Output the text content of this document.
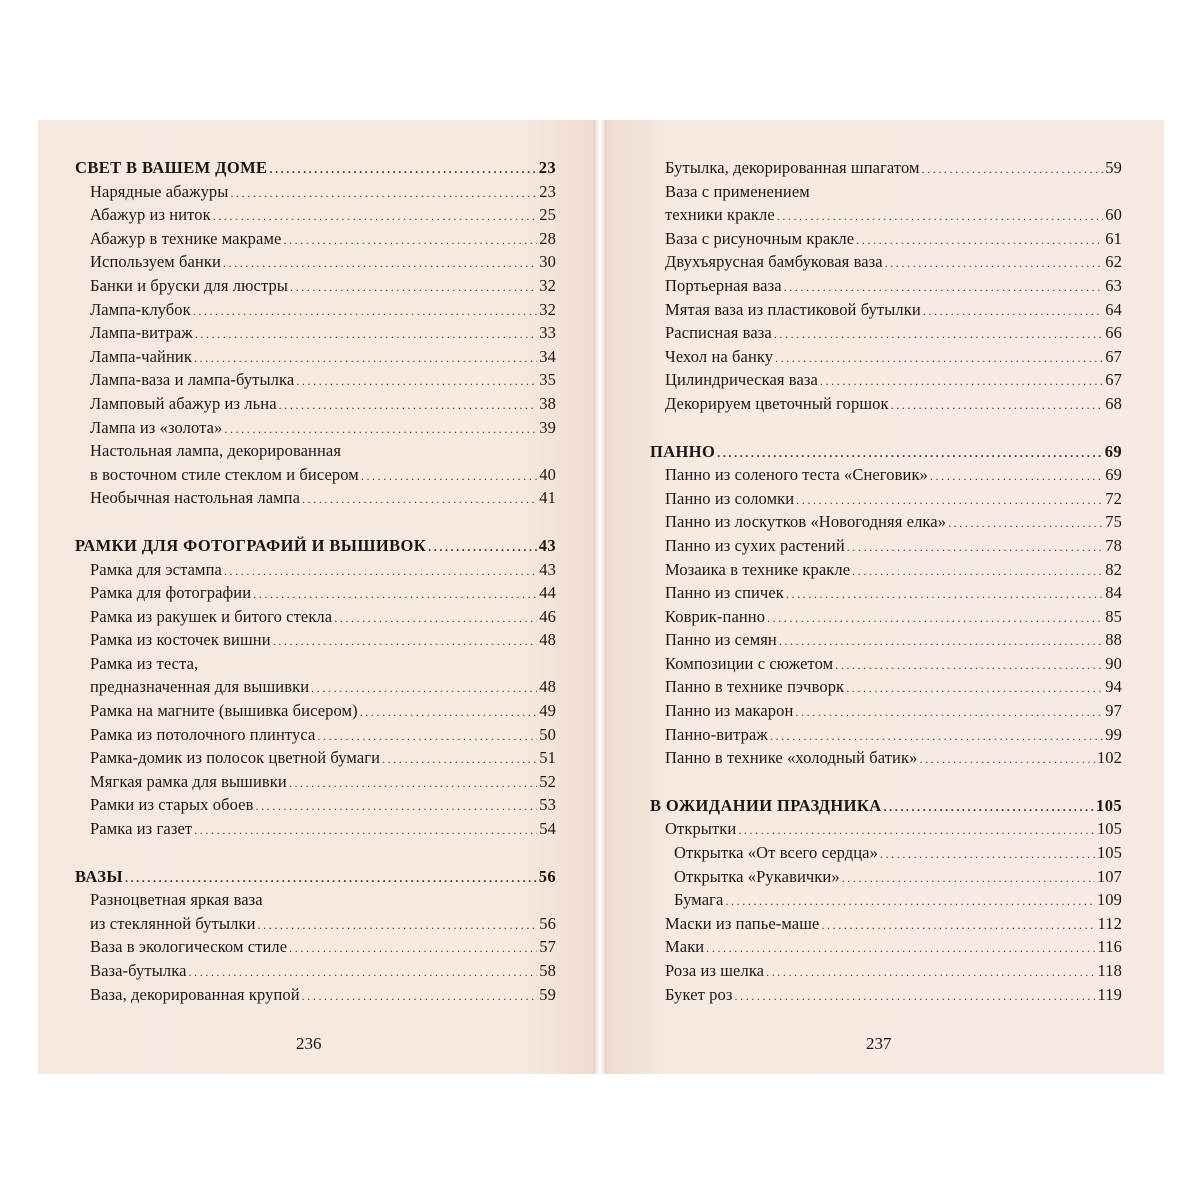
СВЕТ В ВАШЕМ ДОМЕ . . .	23
Нарядные абажуры . . .	23
Абажур из ниток . . .	25
Абажур в технике макраме . . .	28
Используем банки . . .	30
Банки и бруски для люстры . . .	32
Лампа-клубок . . .	32
Лампа-витраж . . .	33
Лампа-чайник . . .	34
Лампа-ваза и лампа-бутылка . . .	35
Ламповый абажур из льна . . .	38
Лампа из «золота» . . .	39
Настольная лампа, декорированная
в восточном стиле стеклом и бисером . . .	40
Необычная настольная лампа . . .	41
РАМКИ ДЛЯ ФОТОГРАФИЙ И ВЫШИВОК . . .	43
Рамка для эстампа . . .	43
Рамка для фотографии . . .	44
Рамка из ракушек и битого стекла . . .	46
Рамка из косточек вишни . . .	48
Рамка из теста,
предназначенная для вышивки . . .	48
Рамка на магните (вышивка бисером) . . .	49
Рамка из потолочного плинтуса . . .	50
Рамка-домик из полосок цветной бумаги . . .	51
Мягкая рамка для вышивки . . .	52
Рамки из старых обоев . . .	53
Рамка из газет . . .	54
ВАЗЫ . . .	56
Разноцветная яркая ваза
из стеклянной бутылки . . .	56
Ваза в экологическом стиле . . .	57
Ваза-бутылка . . .	58
Ваза, декорированная крупой . . .	59
Бутылка, декорированная шпагатом . . .	59
Ваза с применением
техники кракле . . .	60
Ваза с рисуночным кракле . . .	61
Двухъярусная бамбуковая ваза . . .	62
Портьерная ваза . . .	63
Мятая ваза из пластиковой бутылки . . .	64
Расписная ваза . . .	66
Чехол на банку . . .	67
Цилиндрическая ваза . . .	67
Декорируем цветочный горшок . . .	68
ПАННО . . .	69
Панно из соленого теста «Снеговик» . . .	69
Панно из соломки . . .	72
Панно из лоскутков «Новогодняя елка» . . .	75
Панно из сухих растений . . .	78
Мозаика в технике кракле . . .	82
Панно из спичек . . .	84
Коврик-панно . . .	85
Панно из семян . . .	88
Композиции с сюжетом . . .	90
Панно в технике пэчворк . . .	94
Панно из макарон . . .	97
Панно-витраж . . .	99
Панно в технике «холодный батик» . . .	102
В ОЖИДАНИИ ПРАЗДНИКА . . .	105
Открытки . . .	105
Открытка «От всего сердца» . . .	105
Открытка «Рукавички» . . .	107
Бумага . . .	109
Маски из папье-маше . . .	112
Маки . . .	116
Роза из шелка . . .	118
Букет роз . . .	119
236	237
